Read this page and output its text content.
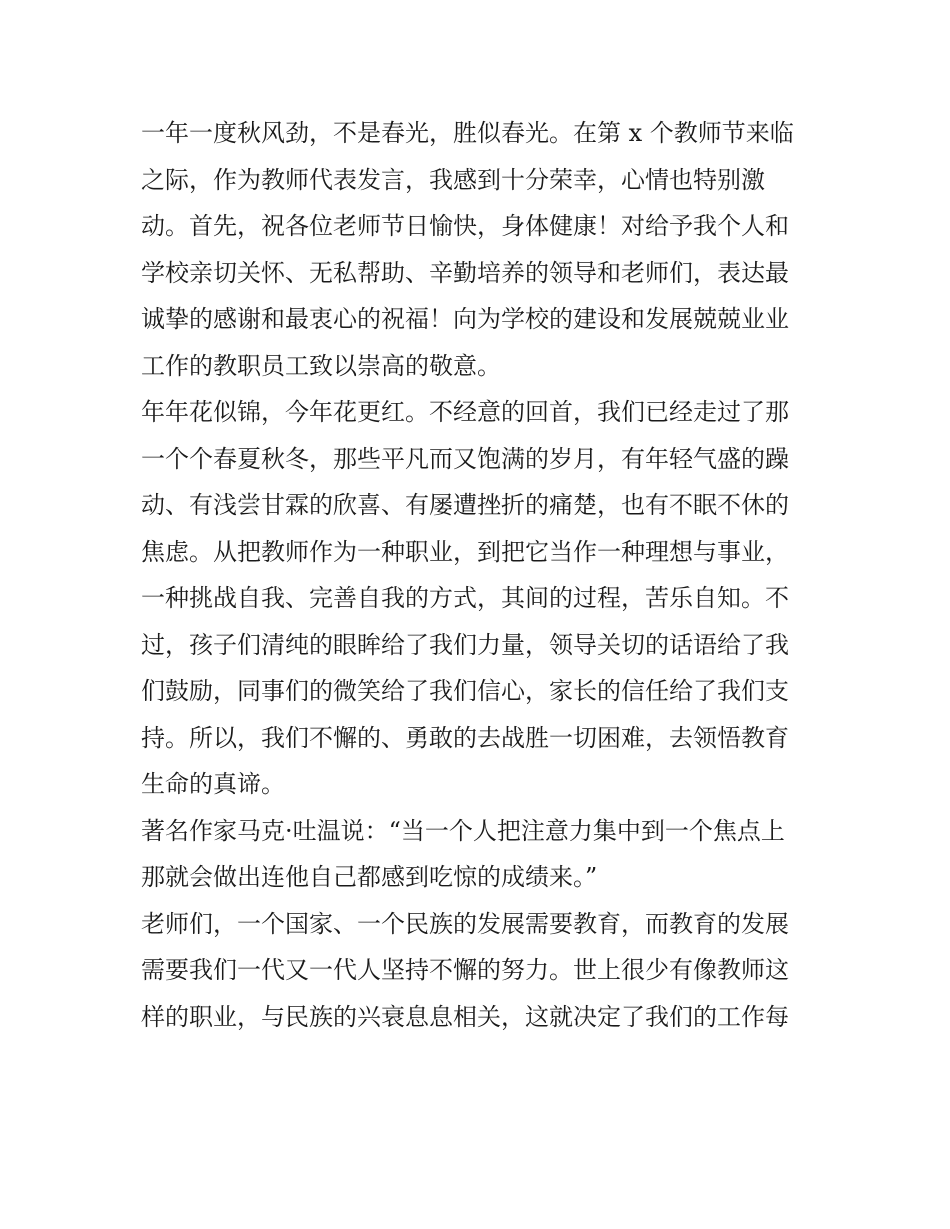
一年一度秋风劲，不是春光，胜似春光。在第 x 个教师节来临
之际，作为教师代表发言，我感到十分荣幸，心情也特别激
动。首先，祝各位老师节日愉快，身体健康！对给予我个人和
学校亲切关怀、无私帮助、辛勤培养的领导和老师们，表达最
诚挚的感谢和最衷心的祝福！向为学校的建设和发展兢兢业业
工作的教职员工致以崇高的敬意。
年年花似锦，今年花更红。不经意的回首，我们已经走过了那
一个个春夏秋冬，那些平凡而又饱满的岁月，有年轻气盛的躁
动、有浅尝甘霖的欣喜、有屡遭挫折的痛楚，也有不眠不休的
焦虑。从把教师作为一种职业，到把它当作一种理想与事业，
一种挑战自我、完善自我的方式，其间的过程，苦乐自知。不
过，孩子们清纯的眼眸给了我们力量，领导关切的话语给了我
们鼓励，同事们的微笑给了我们信心，家长的信任给了我们支
持。所以，我们不懈的、勇敢的去战胜一切困难，去领悟教育
生命的真谛。
著名作家马克·吐温说：“当一个人把注意力集中到一个焦点上
那就会做出连他自己都感到吃惊的成绩来。”
老师们，一个国家、一个民族的发展需要教育，而教育的发展
需要我们一代又一代人坚持不懈的努力。世上很少有像教师这
样的职业，与民族的兴衰息息相关，这就决定了我们的工作每
